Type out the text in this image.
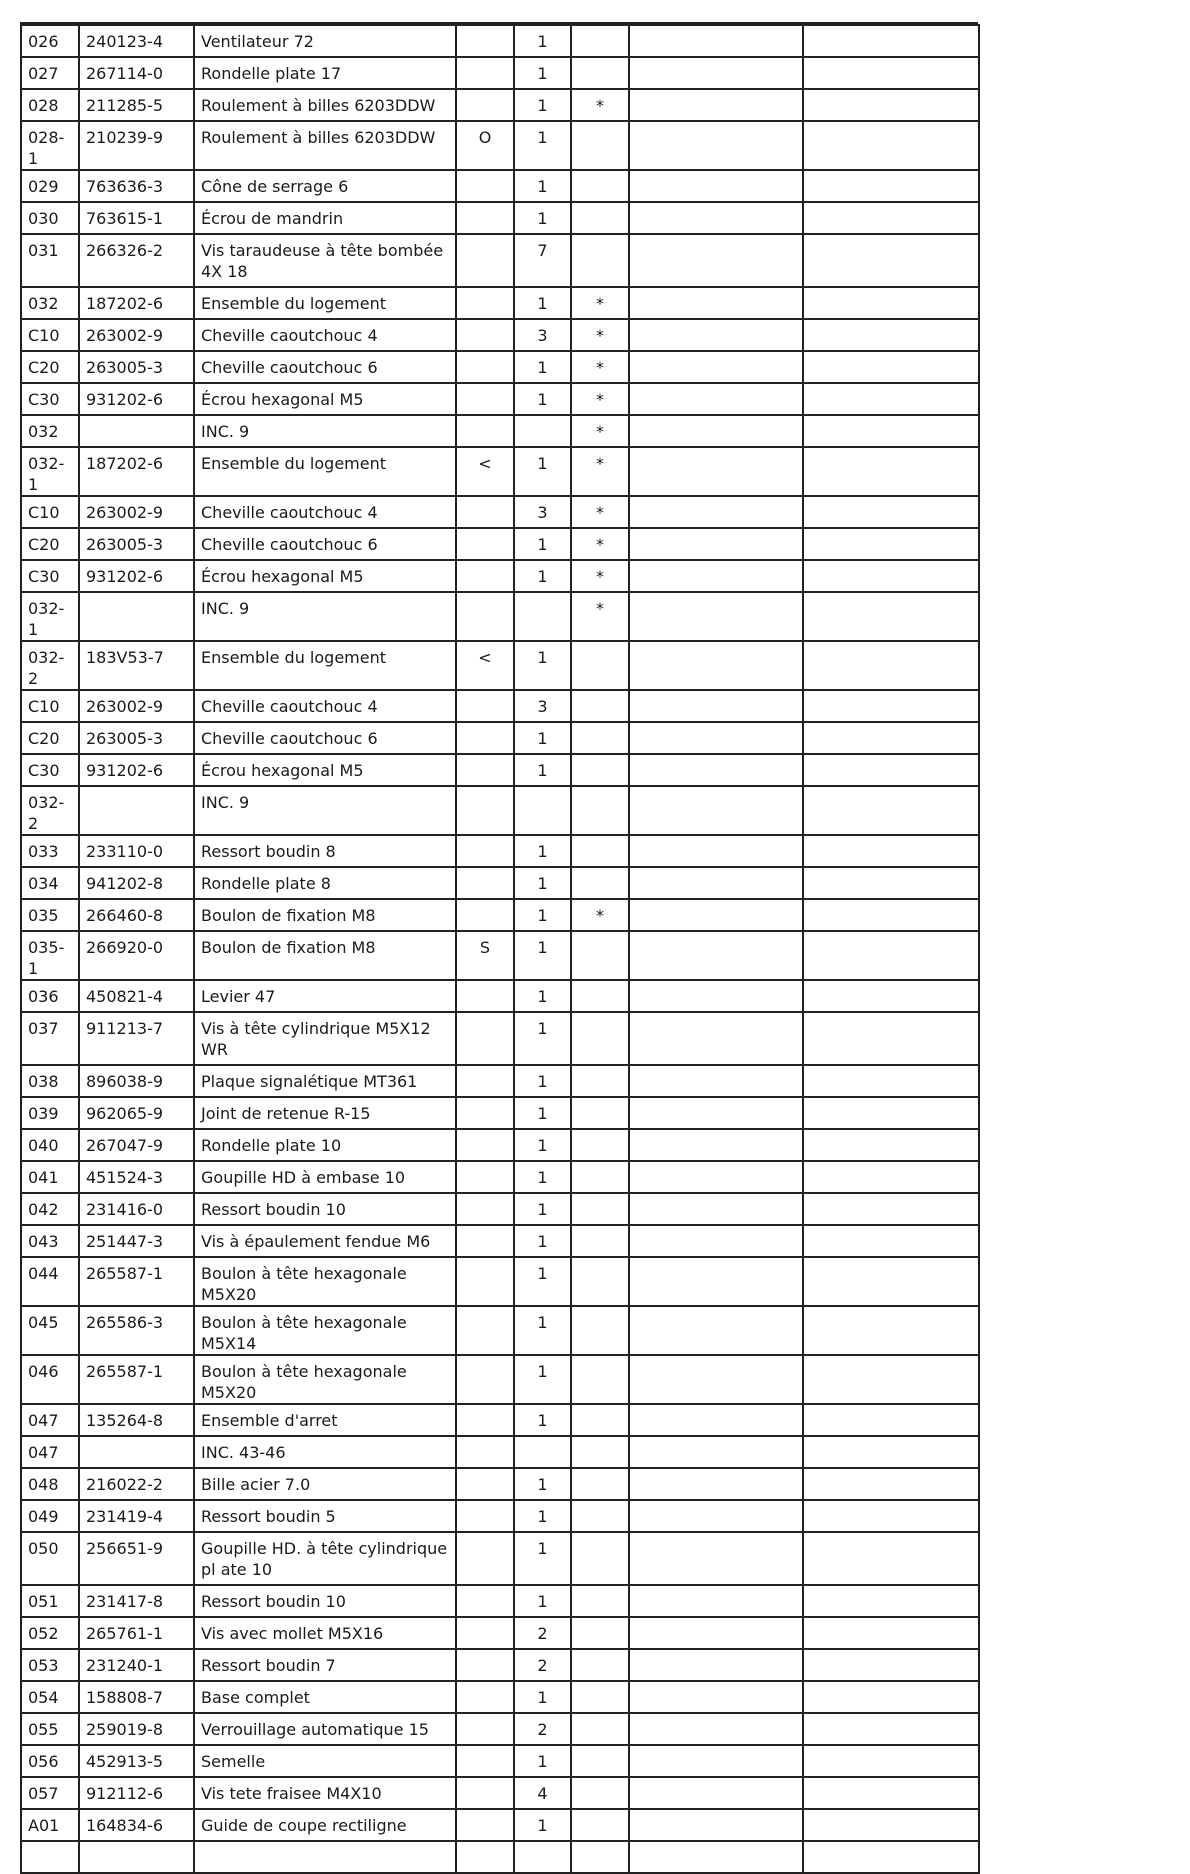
026	240123-4	Ventilateur 72		1			
027	267114-0	Rondelle plate 17		1			
028	211285-5	Roulement à billes 6203DDW		1	*		
028-1	210239-9	Roulement à billes 6203DDW	O	1			
029	763636-3	Cône de serrage 6		1			
030	763615-1	Écrou de mandrin		1			
031	266326-2	Vis taraudeuse à tête bombée 4X 18		7			
032	187202-6	Ensemble du logement		1	*		
C10	263002-9	Cheville caoutchouc 4		3	*		
C20	263005-3	Cheville caoutchouc 6		1	*		
C30	931202-6	Écrou hexagonal M5		1	*		
032		INC. 9			*		
032-1	187202-6	Ensemble du logement	<	1	*		
C10	263002-9	Cheville caoutchouc 4		3	*		
C20	263005-3	Cheville caoutchouc 6		1	*		
C30	931202-6	Écrou hexagonal M5		1	*		
032-1		INC. 9			*		
032-2	183V53-7	Ensemble du logement	<	1			
C10	263002-9	Cheville caoutchouc 4		3			
C20	263005-3	Cheville caoutchouc 6		1			
C30	931202-6	Écrou hexagonal M5		1			
032-2		INC. 9					
033	233110-0	Ressort boudin 8		1			
034	941202-8	Rondelle plate 8		1			
035	266460-8	Boulon de fixation M8		1	*		
035-1	266920-0	Boulon de fixation M8	S	1			
036	450821-4	Levier 47		1			
037	911213-7	Vis à tête cylindrique M5X12 WR		1			
038	896038-9	Plaque signalétique MT361		1			
039	962065-9	Joint de retenue R-15		1			
040	267047-9	Rondelle plate 10		1			
041	451524-3	Goupille HD à embase 10		1			
042	231416-0	Ressort boudin 10		1			
043	251447-3	Vis à épaulement fendue M6		1			
044	265587-1	Boulon à tête hexagonale M5X20		1			
045	265586-3	Boulon à tête hexagonale M5X14		1			
046	265587-1	Boulon à tête hexagonale M5X20		1			
047	135264-8	Ensemble d'arret		1			
047		INC. 43-46					
048	216022-2	Bille acier 7.0		1			
049	231419-4	Ressort boudin 5		1			
050	256651-9	Goupille HD. à tête cylindrique pl ate 10		1			
051	231417-8	Ressort boudin 10		1			
052	265761-1	Vis avec mollet M5X16		2			
053	231240-1	Ressort boudin 7		2			
054	158808-7	Base complet		1			
055	259019-8	Verrouillage automatique 15		2			
056	452913-5	Semelle		1			
057	912112-6	Vis tete fraisee M4X10		4			
A01	164834-6	Guide de coupe rectiligne		1			
